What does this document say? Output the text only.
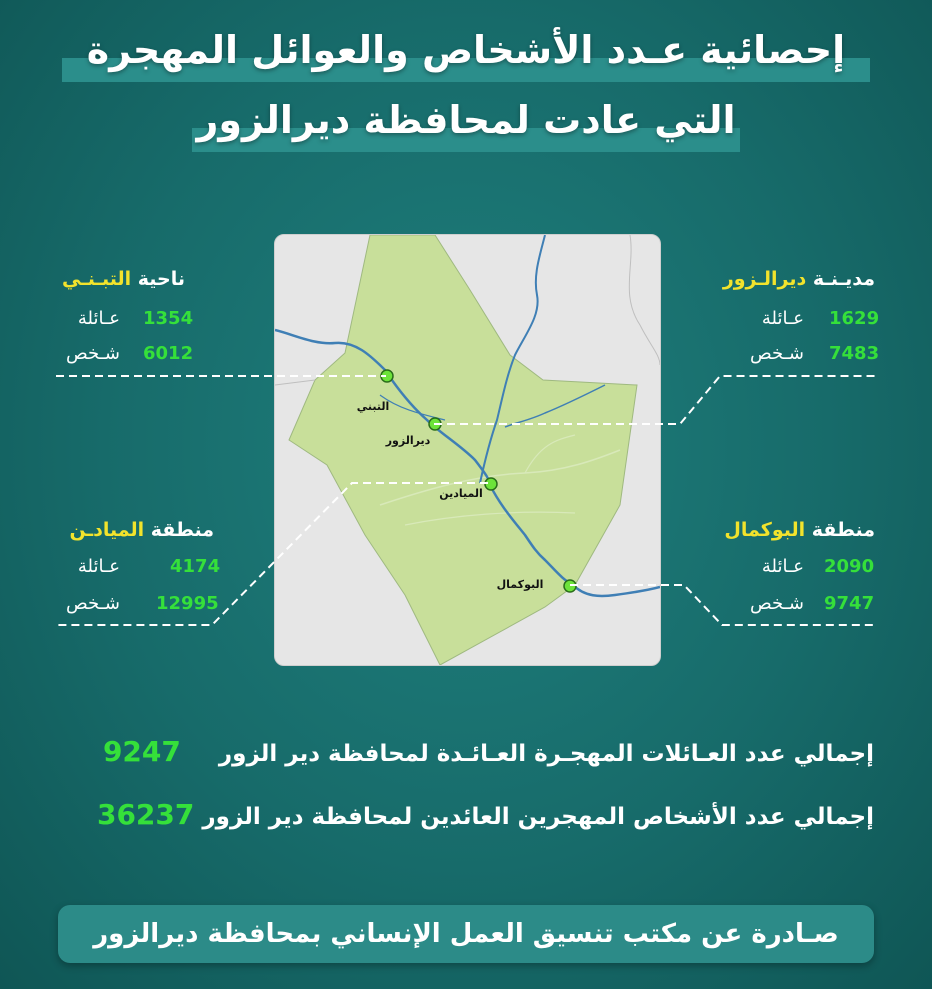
إحصائية عـدد الأشخاص والعوائل المهجرة
التي عادت لمحافظة ديرالزور
التبني
ديرالزور
الميادين
البوكمال
ناحية التبـنـي
1354
عـائلة
6012
شـخص
مديـنـة ديرالـزور
1629
عـائلة
7483
شـخص
منطقة الميادـن
4174
عـائلة
12995
شـخص
منطقة البوكمال
2090
عـائلة
9747
شـخص
إجمالي عدد العـائلات المهجـرة العـائـدة لمحافظة دير الزور  9247
إجمالي عدد الأشخاص المهجرين العائدين لمحافظة دير الزور 36237
صـادرة عن مكتب تنسيق العمل الإنساني بمحافظة ديرالزور
